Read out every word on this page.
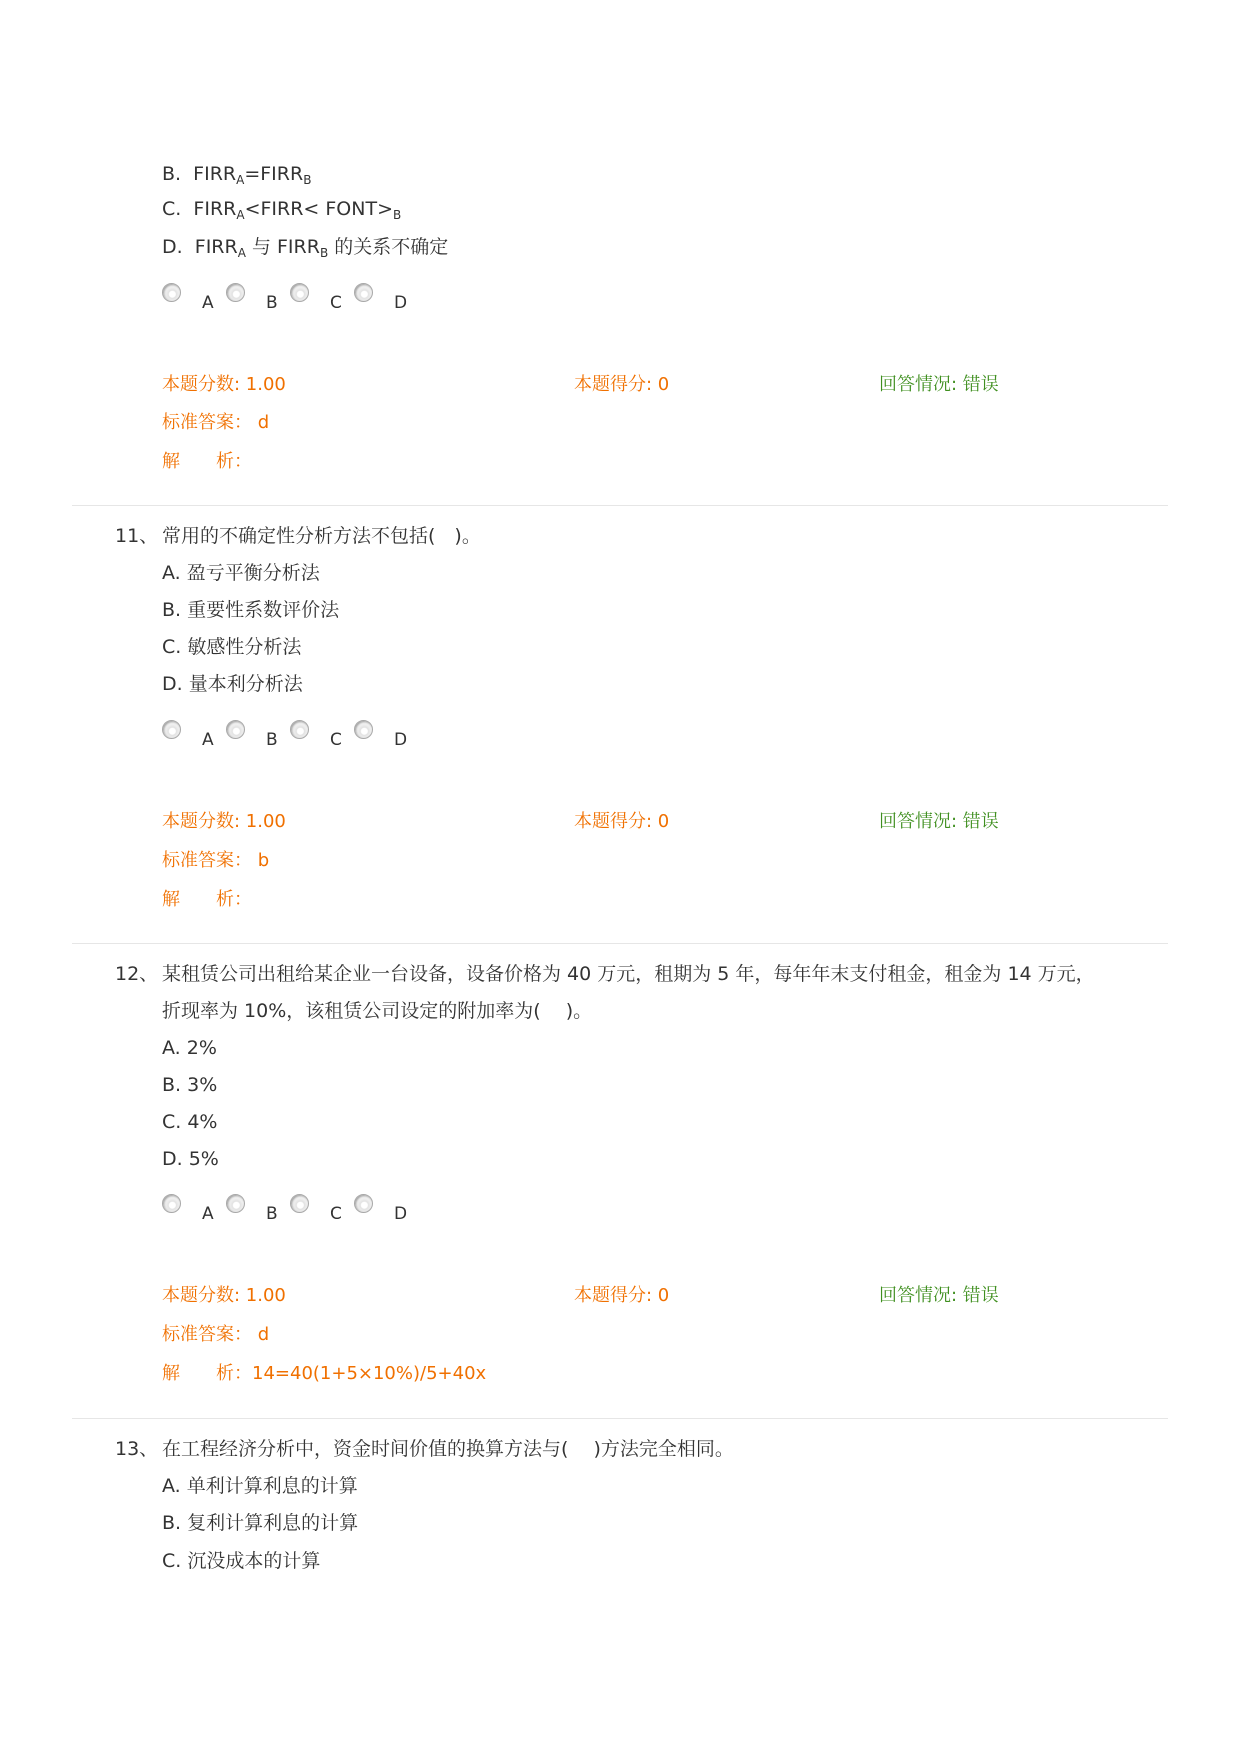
B. $FIRR_A=FIRR_B$
C. $FIRR_A<FIRR<$ $FONT>_B$
D. $FIRR_A$ 与 $FIRR_B$ 的关系不确定
A	B	C	D
本题分数: 1.00	本题得分: 0	回答情况: 错误
标准答案： d
解　　析：
11、 常用的不确定性分析方法不包括(　)。
A. 盈亏平衡分析法
B. 重要性系数评价法
C. 敏感性分析法
D. 量本利分析法
A	B	C	D
本题分数: 1.00	本题得分: 0	回答情况: 错误
标准答案： b
解　　析：
12、 某租赁公司出租给某企业一台设备，设备价格为 40 万元，租期为 5 年，每年年末支付租金，租金为 14 万元，
折现率为 10%，该租赁公司设定的附加率为(　 )。
A. 2%
B. 3%
C. 4%
D. 5%
A	B	C	D
本题分数: 1.00	本题得分: 0	回答情况: 错误
标准答案： d
解　　析：14=40(1+5×10%)/5+40x
13、 在工程经济分析中，资金时间价值的换算方法与(　 )方法完全相同。
A. 单利计算利息的计算
B. 复利计算利息的计算
C. 沉没成本的计算
